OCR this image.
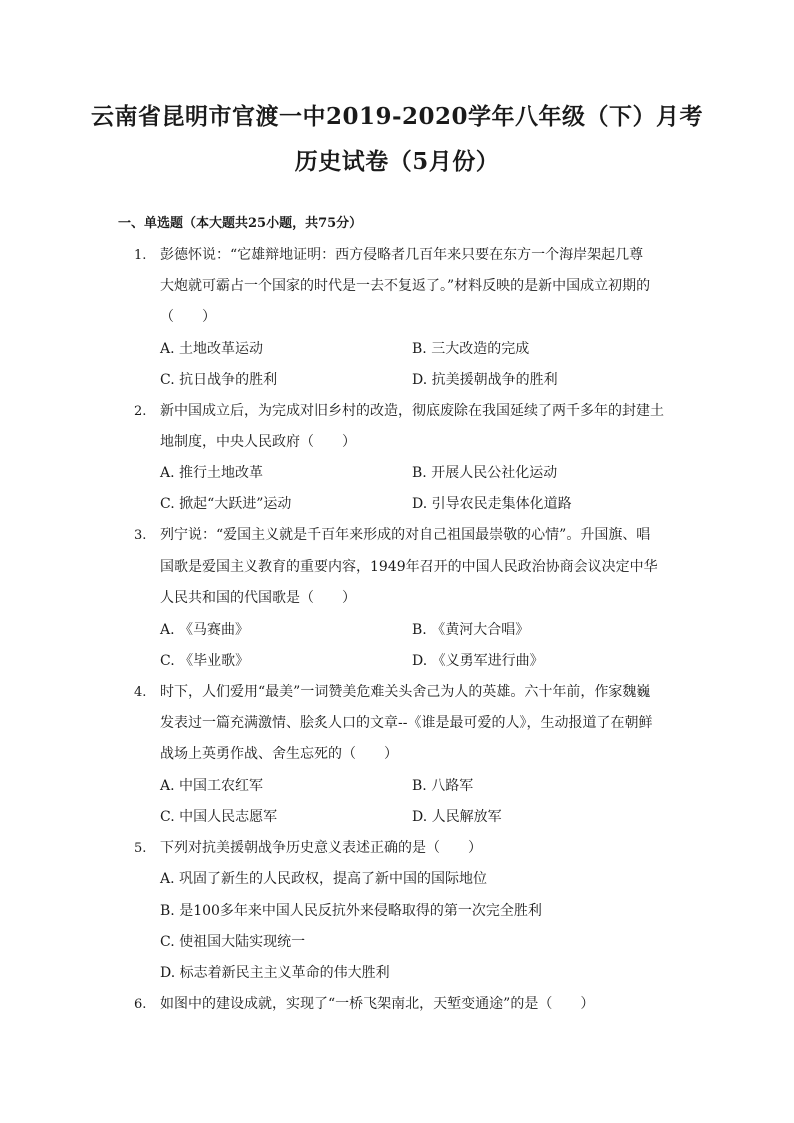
云南省昆明市官渡一中2019-2020学年八年级（下）月考
历史试卷（5月份）
一、单选题（本大题共25小题，共75分）
1. 彭德怀说：“它雄辩地证明：西方侵略者几百年来只要在东方一个海岸架起几尊
大炮就可霸占一个国家的时代是一去不复返了。”材料反映的是新中国成立初期的
（　　）
A. 土地改革运动	B. 三大改造的完成
C. 抗日战争的胜利	D. 抗美援朝战争的胜利
2. 新中国成立后，为完成对旧乡村的改造，彻底废除在我国延续了两千多年的封建土
地制度，中央人民政府（　　）
A. 推行土地改革	B. 开展人民公社化运动
C. 掀起“大跃进”运动	D. 引导农民走集体化道路
3. 列宁说：“爱国主义就是千百年来形成的对自己祖国最崇敬的心情”。升国旗、唱
国歌是爱国主义教育的重要内容，1949年召开的中国人民政治协商会议决定中华
人民共和国的代国歌是（　　）
A. 《马赛曲》	B. 《黄河大合唱》
C. 《毕业歌》	D. 《义勇军进行曲》
4. 时下，人们爱用“最美”一词赞美危难关头舍己为人的英雄。六十年前，作家魏巍
发表过一篇充满激情、脍炙人口的文章--《谁是最可爱的人》，生动报道了在朝鲜
战场上英勇作战、舍生忘死的（　　）
A. 中国工农红军	B. 八路军
C. 中国人民志愿军	D. 人民解放军
5. 下列对抗美援朝战争历史意义表述正确的是（　　）
A. 巩固了新生的人民政权，提高了新中国的国际地位
B. 是100多年来中国人民反抗外来侵略取得的第一次完全胜利
C. 使祖国大陆实现统一
D. 标志着新民主主义革命的伟大胜利
6. 如图中的建设成就，实现了“一桥飞架南北，天堑变通途”的是（　　）
